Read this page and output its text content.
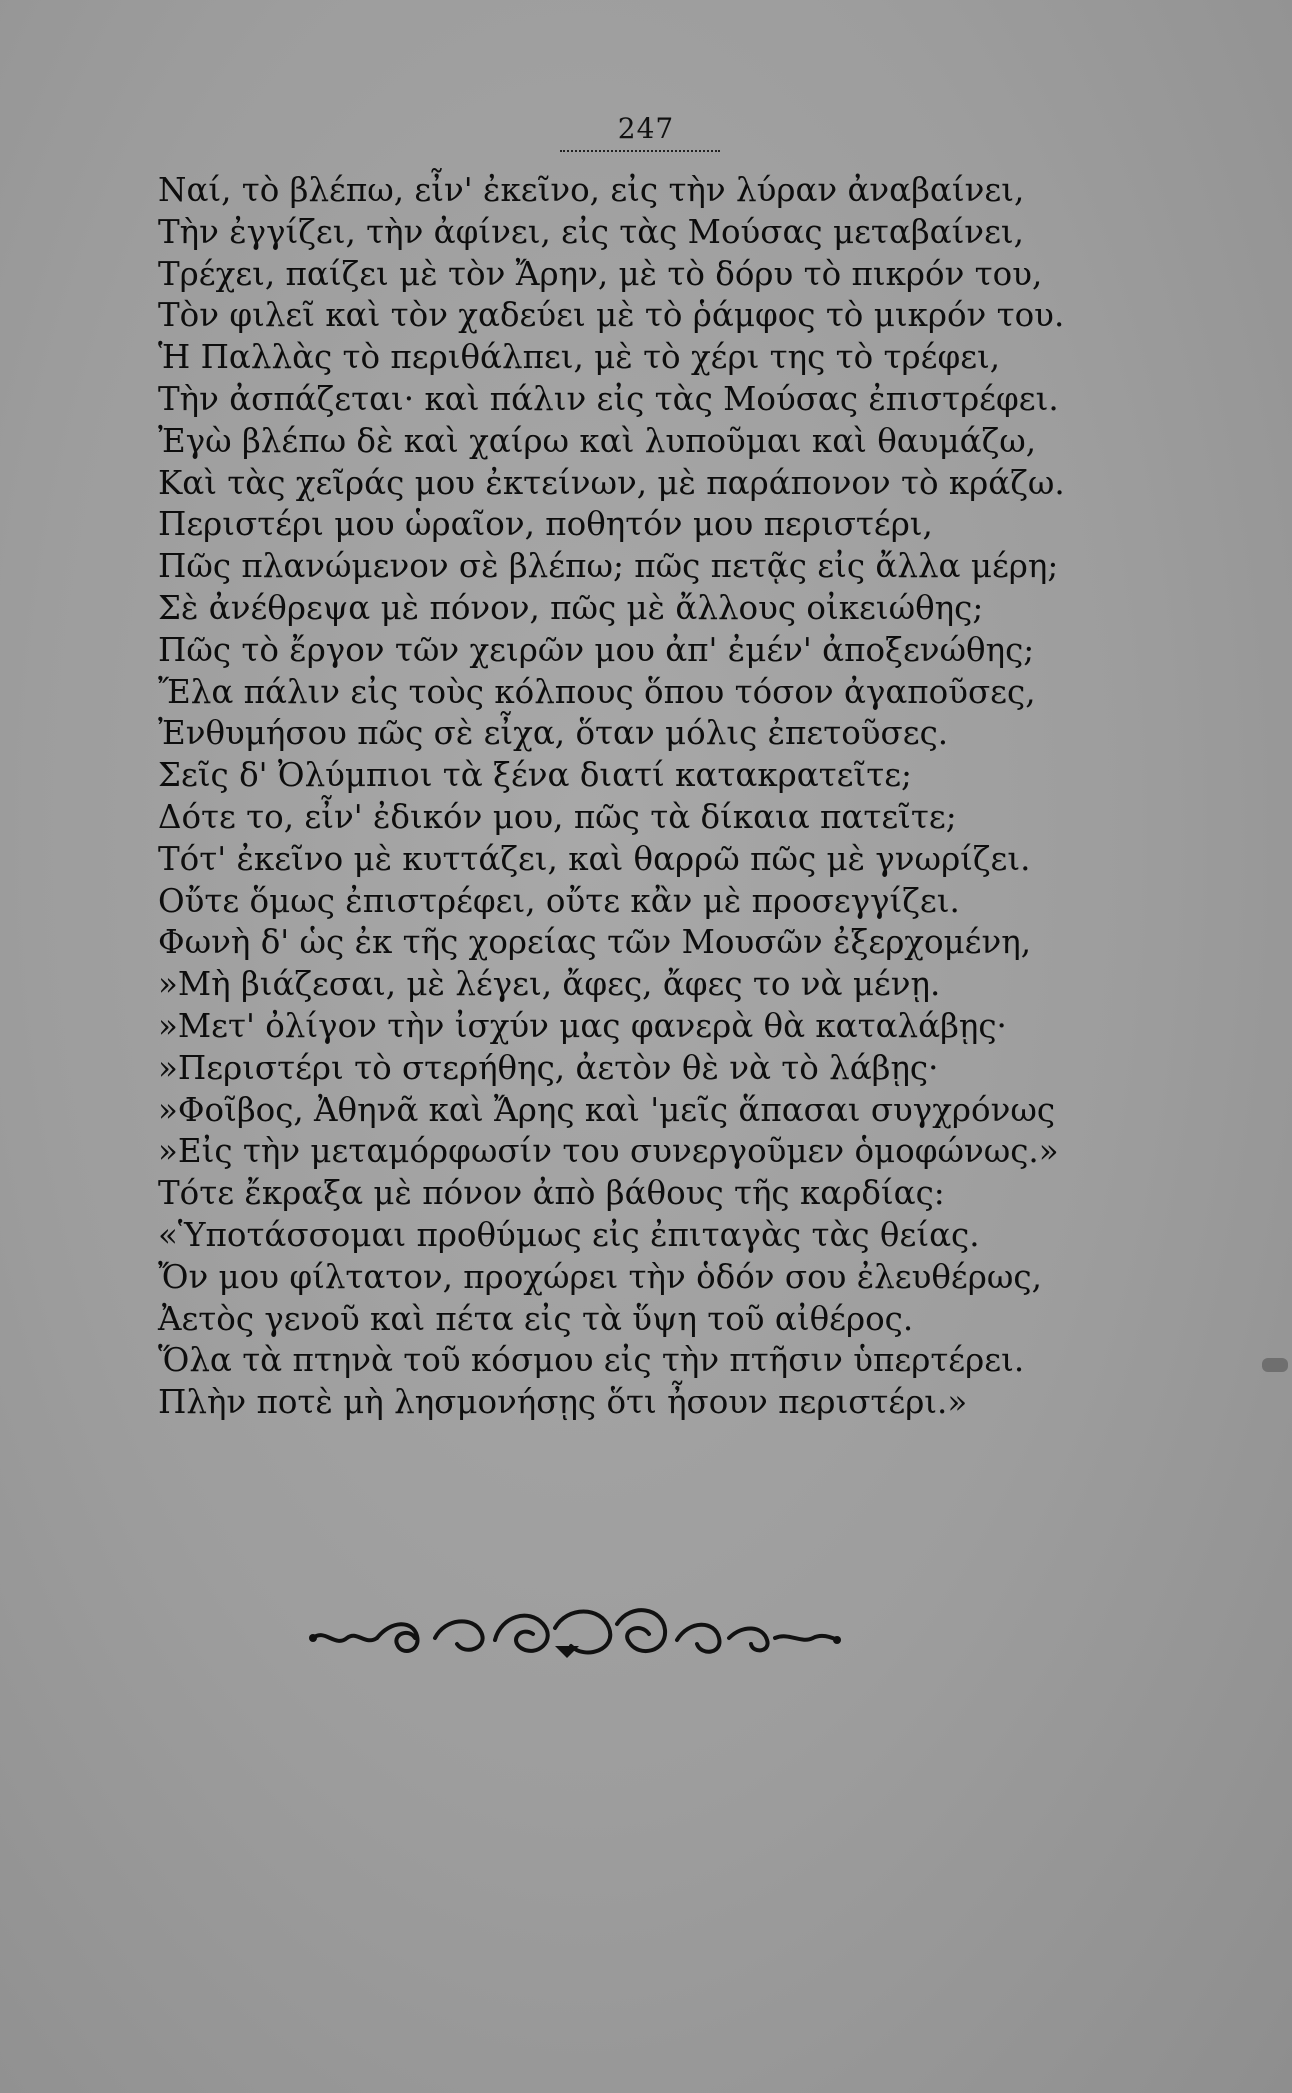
247
Ναί, τὸ βλέπω, εἶν' ἐκεῖνο, εἰς τὴν λύραν ἀναβαίνει,
Τὴν ἐγγίζει, τὴν ἀφίνει, εἰς τὰς Μούσας μεταβαίνει,
Τρέχει, παίζει μὲ τὸν Ἄρην, μὲ τὸ δόρυ τὸ πικρόν του,
Τὸν φιλεῖ καὶ τὸν χαδεύει μὲ τὸ ῥάμφος τὸ μικρόν του.
Ἡ Παλλὰς τὸ περιθάλπει, μὲ τὸ χέρι της τὸ τρέφει,
Τὴν ἀσπάζεται· καὶ πάλιν εἰς τὰς Μούσας ἐπιστρέφει.
Ἐγὼ βλέπω δὲ καὶ χαίρω καὶ λυποῦμαι καὶ θαυμάζω,
Καὶ τὰς χεῖράς μου ἐκτείνων, μὲ παράπονον τὸ κράζω.
Περιστέρι μου ὡραῖον, ποθητόν μου περιστέρι,
Πῶς πλανώμενον σὲ βλέπω; πῶς πετᾷς εἰς ἄλλα μέρη;
Σὲ ἀνέθρεψα μὲ πόνον, πῶς μὲ ἄλλους οἰκειώθης;
Πῶς τὸ ἔργον τῶν χειρῶν μου ἀπ' ἐμέν' ἀποξενώθης;
Ἔλα πάλιν εἰς τοὺς κόλπους ὅπου τόσον ἀγαποῦσες,
Ἐνθυμήσου πῶς σὲ εἶχα, ὅταν μόλις ἐπετοῦσες.
Σεῖς δ' Ὀλύμπιοι τὰ ξένα διατί κατακρατεῖτε;
Δότε το, εἶν' ἐδικόν μου, πῶς τὰ δίκαια πατεῖτε;
Τότ' ἐκεῖνο μὲ κυττάζει, καὶ θαρρῶ πῶς μὲ γνωρίζει.
Οὔτε ὅμως ἐπιστρέφει, οὔτε κἂν μὲ προσεγγίζει.
Φωνὴ δ' ὡς ἐκ τῆς χορείας τῶν Μουσῶν ἐξερχομένη,
»Μὴ βιάζεσαι, μὲ λέγει, ἄφες, ἄφες το νὰ μένῃ.
»Μετ' ὀλίγον τὴν ἰσχύν μας φανερὰ θὰ καταλάβῃς·
»Περιστέρι τὸ στερήθης, ἀετὸν θὲ νὰ τὸ λάβῃς·
»Φοῖβος, Ἀθηνᾶ καὶ Ἄρης καὶ 'μεῖς ἅπασαι συγχρόνως
»Εἰς τὴν μεταμόρφωσίν του συνεργοῦμεν ὁμοφώνως.»
Τότε ἔκραξα μὲ πόνον ἀπὸ βάθους τῆς καρδίας:
«Ὑποτάσσομαι προθύμως εἰς ἐπιταγὰς τὰς θείας.
Ὄν μου φίλτατον, προχώρει τὴν ὁδόν σου ἐλευθέρως,
Ἀετὸς γενοῦ καὶ πέτα εἰς τὰ ὕψη τοῦ αἰθέρος.
Ὅλα τὰ πτηνὰ τοῦ κόσμου εἰς τὴν πτῆσιν ὑπερτέρει.
Πλὴν ποτὲ μὴ λησμονήσῃς ὅτι ἦσουν περιστέρι.»
